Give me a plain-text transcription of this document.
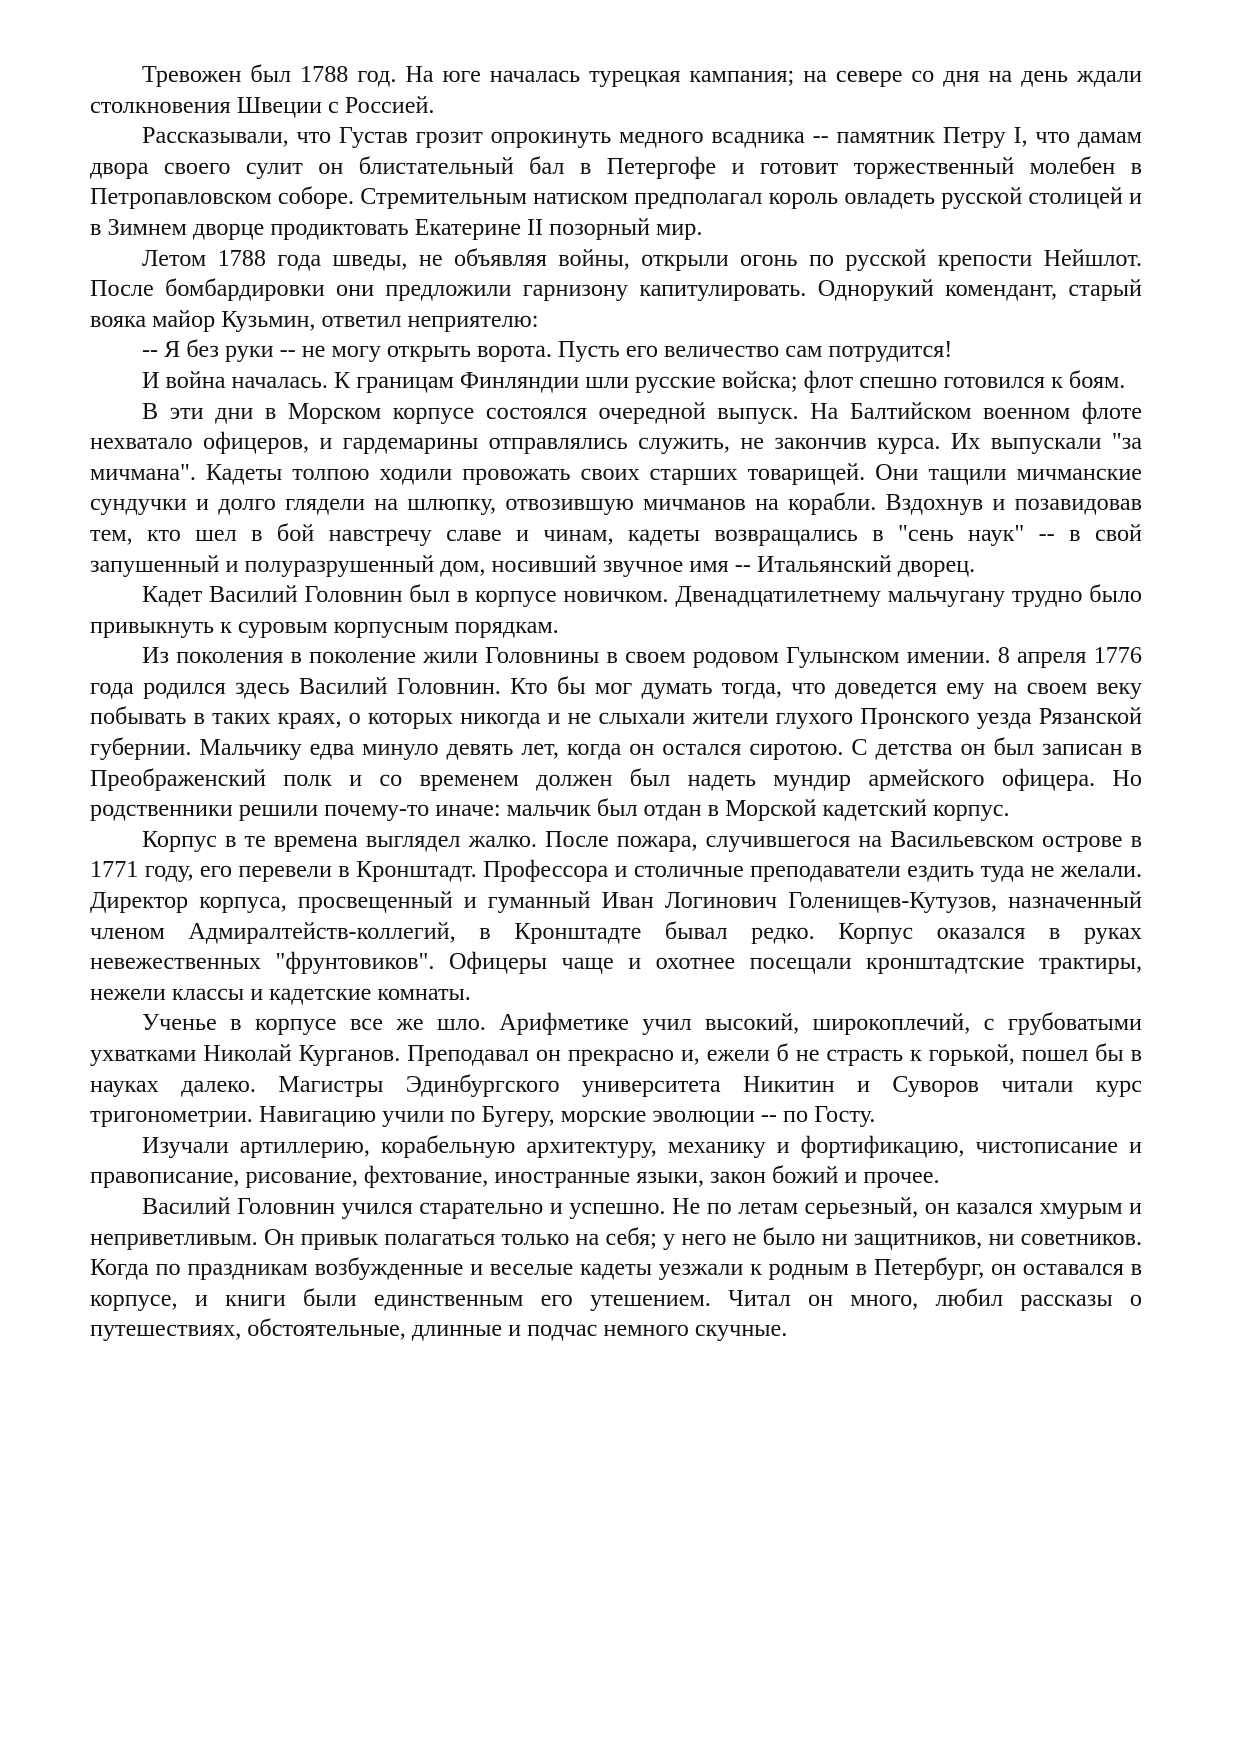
Тревожен был 1788 год. На юге началась турецкая кампания; на севере со дня на день ждали столкновения Швеции с Россией.

Рассказывали, что Густав грозит опрокинуть медного всадника -- памятник Петру I, что дамам двора своего сулит он блистательный бал в Петергофе и готовит торжественный молебен в Петропавловском соборе. Стремительным натиском предполагал король овладеть русской столицей и в Зимнем дворце продиктовать Екатерине II позорный мир.

Летом 1788 года шведы, не объявляя войны, открыли огонь по русской крепости Нейшлот. После бомбардировки они предложили гарнизону капитулировать. Однорукий комендант, старый вояка майор Кузьмин, ответил неприятелю:

-- Я без руки -- не могу открыть ворота. Пусть его величество сам потрудится!

И война началась. К границам Финляндии шли русские войска; флот спешно готовился к боям.

В эти дни в Морском корпусе состоялся очередной выпуск. На Балтийском военном флоте нехватало офицеров, и гардемарины отправлялись служить, не закончив курса. Их выпускали "за мичмана". Кадеты толпою ходили провожать своих старших товарищей. Они тащили мичманские сундучки и долго глядели на шлюпку, отвозившую мичманов на корабли. Вздохнув и позавидовав тем, кто шел в бой навстречу славе и чинам, кадеты возвращались в "сень наук" -- в свой запушенный и полуразрушенный дом, носивший звучное имя -- Итальянский дворец.

Кадет Василий Головнин был в корпусе новичком. Двенадцатилетнему мальчугану трудно было привыкнуть к суровым корпусным порядкам.

Из поколения в поколение жили Головнины в своем родовом Гулынском имении. 8 апреля 1776 года родился здесь Василий Головнин. Кто бы мог думать тогда, что доведется ему на своем веку побывать в таких краях, о которых никогда и не слыхали жители глухого Пронского уезда Рязанской губернии. Мальчику едва минуло девять лет, когда он остался сиротою. С детства он был записан в Преображенский полк и со временем должен был надеть мундир армейского офицера. Но родственники решили почему-то иначе: мальчик был отдан в Морской кадетский корпус.

Корпус в те времена выглядел жалко. После пожара, случившегося на Васильевском острове в 1771 году, его перевели в Кронштадт. Профессора и столичные преподаватели ездить туда не желали. Директор корпуса, просвещенный и гуманный Иван Логинович Голенищев-Кутузов, назначенный членом Адмиралтейств-коллегий, в Кронштадте бывал редко. Корпус оказался в руках невежественных "фрунтовиков". Офицеры чаще и охотнее посещали кронштадтские трактиры, нежели классы и кадетские комнаты.

Ученье в корпусе все же шло. Арифметике учил высокий, широкоплечий, с грубоватыми ухватками Николай Курганов. Преподавал он прекрасно и, ежели б не страсть к горькой, пошел бы в науках далеко. Магистры Эдинбургского университета Никитин и Суворов читали курс тригонометрии. Навигацию учили по Бугеру, морские эволюции -- по Госту.

Изучали артиллерию, корабельную архитектуру, механику и фортификацию, чистописание и правописание, рисование, фехтование, иностранные языки, закон божий и прочее.

Василий Головнин учился старательно и успешно. Не по летам серьезный, он казался хмурым и неприветливым. Он привык полагаться только на себя; у него не было ни защитников, ни советников. Когда по праздникам возбужденные и веселые кадеты уезжали к родным в Петербург, он оставался в корпусе, и книги были единственным его утешением. Читал он много, любил рассказы о путешествиях, обстоятельные, длинные и подчас немного скучные.
